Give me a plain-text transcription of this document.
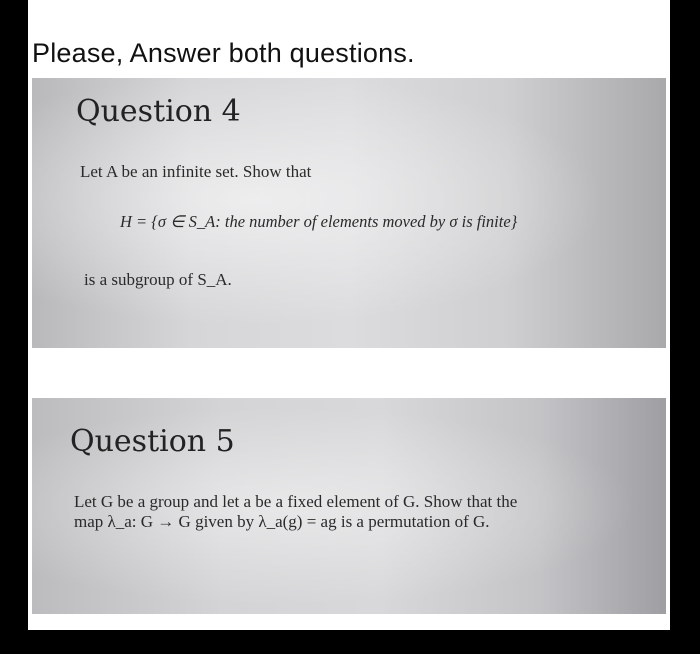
Please, Answer both questions.
Question 4
Let A be an infinite set. Show that
H = {σ ∈ S_A: the number of elements moved by σ is finite}
is a subgroup of S_A.
Question 5
Let G be a group and let a be a fixed element of G. Show that the
map λ_a: G → G given by λ_a(g) = ag is a permutation of G.
